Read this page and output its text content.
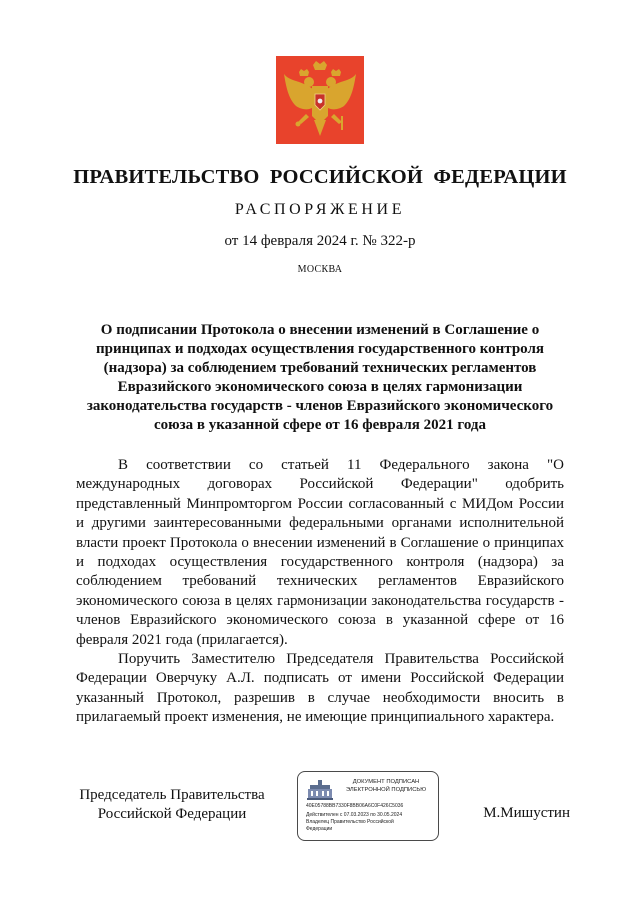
ПРАВИТЕЛЬСТВО РОССИЙСКОЙ ФЕДЕРАЦИИ
РАСПОРЯЖЕНИЕ
от 14 февраля 2024 г. № 322-р
МОСКВА
О подписании Протокола о внесении изменений в Соглашение о
принципах и подходах осуществления государственного контроля
(надзора) за соблюдением требований технических регламентов
Евразийского экономического союза в целях гармонизации
законодательства государств - членов Евразийского экономического
союза в указанной сфере от 16 февраля 2021 года

В соответствии со статьей 11 Федерального закона "О международных договорах Российской Федерации" одобрить представленный Минпромторгом России согласованный с МИДом России и другими заинтересованными федеральными органами исполнительной власти проект Протокола о внесении изменений в Соглашение о принципах и подходах осуществления государственного контроля (надзора) за соблюдением требований технических регламентов Евразийского экономического союза в целях гармонизации законодательства государств - членов Евразийского экономического союза в указанной сфере от 16 февраля 2021 года (прилагается).

Поручить Заместителю Председателя Правительства Российской Федерации Оверчуку А.Л. подписать от имени Российской Федерации указанный Протокол, разрешив в случае необходимости вносить в прилагаемый проект изменения, не имеющие принципиального характера.

Председатель Правительства
Российской Федерации
ДОКУМЕНТ ПОДПИСАН
ЭЛЕКТРОННОЙ ПОДПИСЬЮ
40E05788BB7330F8BB06A6C0F426C5036
Действителен с 07.03.2023 по 30.05.2024
Владелец Правительство Российской
Федерации
М.Мишустин
